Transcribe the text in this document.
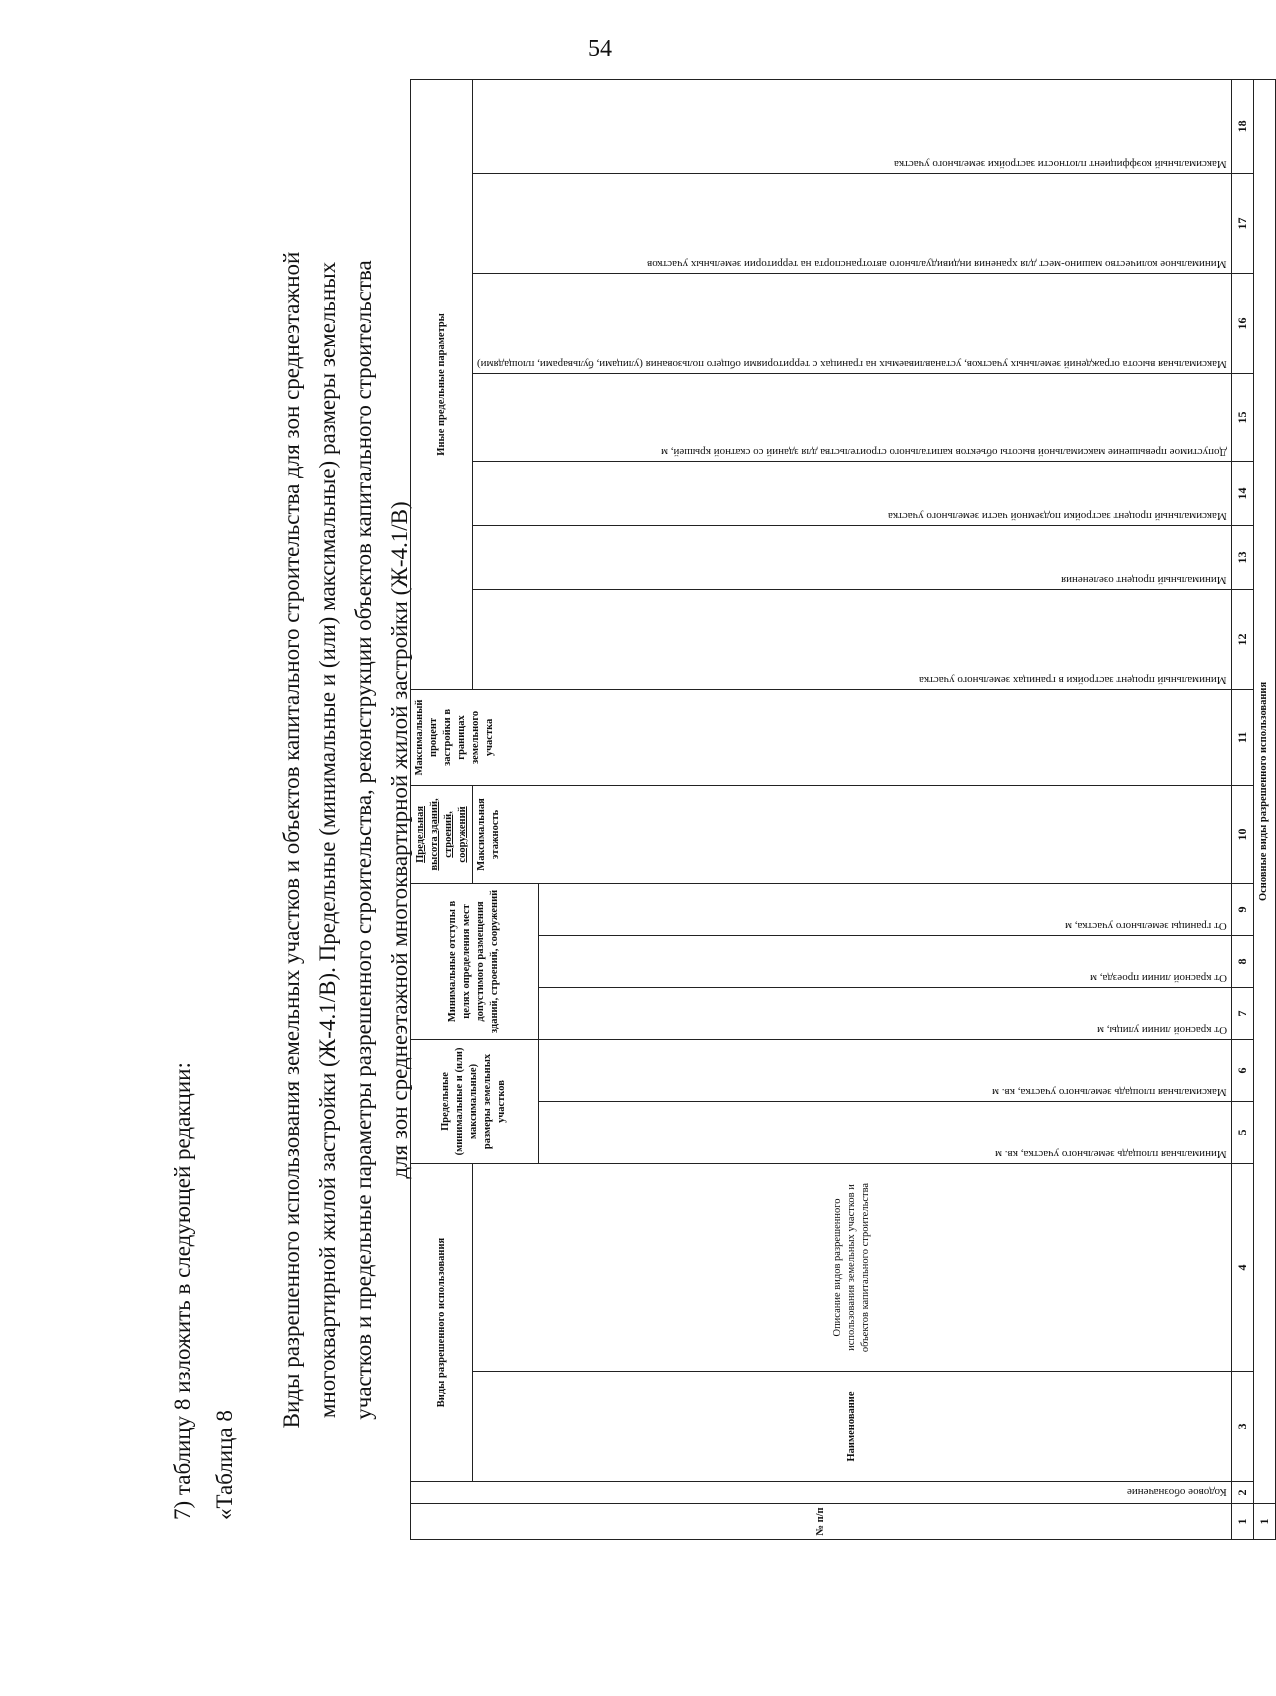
54
7) таблицу 8 изложить в следующей редакции: «Таблица 8
Виды разрешенного использования земельных участков и объектов капитального строительства для зон среднеэтажной многоквартирной жилой застройки (Ж-4.1/В). Предельные (минимальные и (или) максимальные) размеры земельных участков и предельные параметры разрешенного строительства, реконструкции объектов капитального строительства для зон среднеэтажной многоквартирной жилой застройки (Ж-4.1/В)
№ п/п	Кодовое обозначение	Виды разрешенного использования		Предельные (минимальные и (или) максимальные) размеры земельных участков		Минимальные отступы в целях определения мест допустимого размещения зданий, строений, сооружений			Предельная высота зданий, строений, сооружений	Максимальный процент застройки в границах земельного участка	Иные предельные параметры						
		Наименование	Описание видов разрешенного использования земельных участков и объектов капитального строительства						Максимальная этажность		Минимальный процент застройки в границах земельного участка	Минимальный процент озеленения	Максимальный процент застройки подземной части земельного участка	Допустимое превышение максимальной высоты объектов капитального строительства для зданий со скатной крышей, м	Максимальная высота ограждений земельных участков, устанавливаемых на границах с территориями общего пользования (улицами, бульварами, площадями)	Минимальное количество машино-мест для хранения индивидуального автотранспорта на территории земельных участков	Максимальный коэффициент плотности застройки земельного участка

				Минимальная площадь земельного участка, кв. м	Максимальная площадь земельного участка, кв. м	От красной линии улицы, м	От красной линии проезда, м	От границы земельного участка, м									

1	2	3	4	5	6	7	8	9	10	11	12	13	14	15	16	17	18
1	Основные виды разрешенного использования																
